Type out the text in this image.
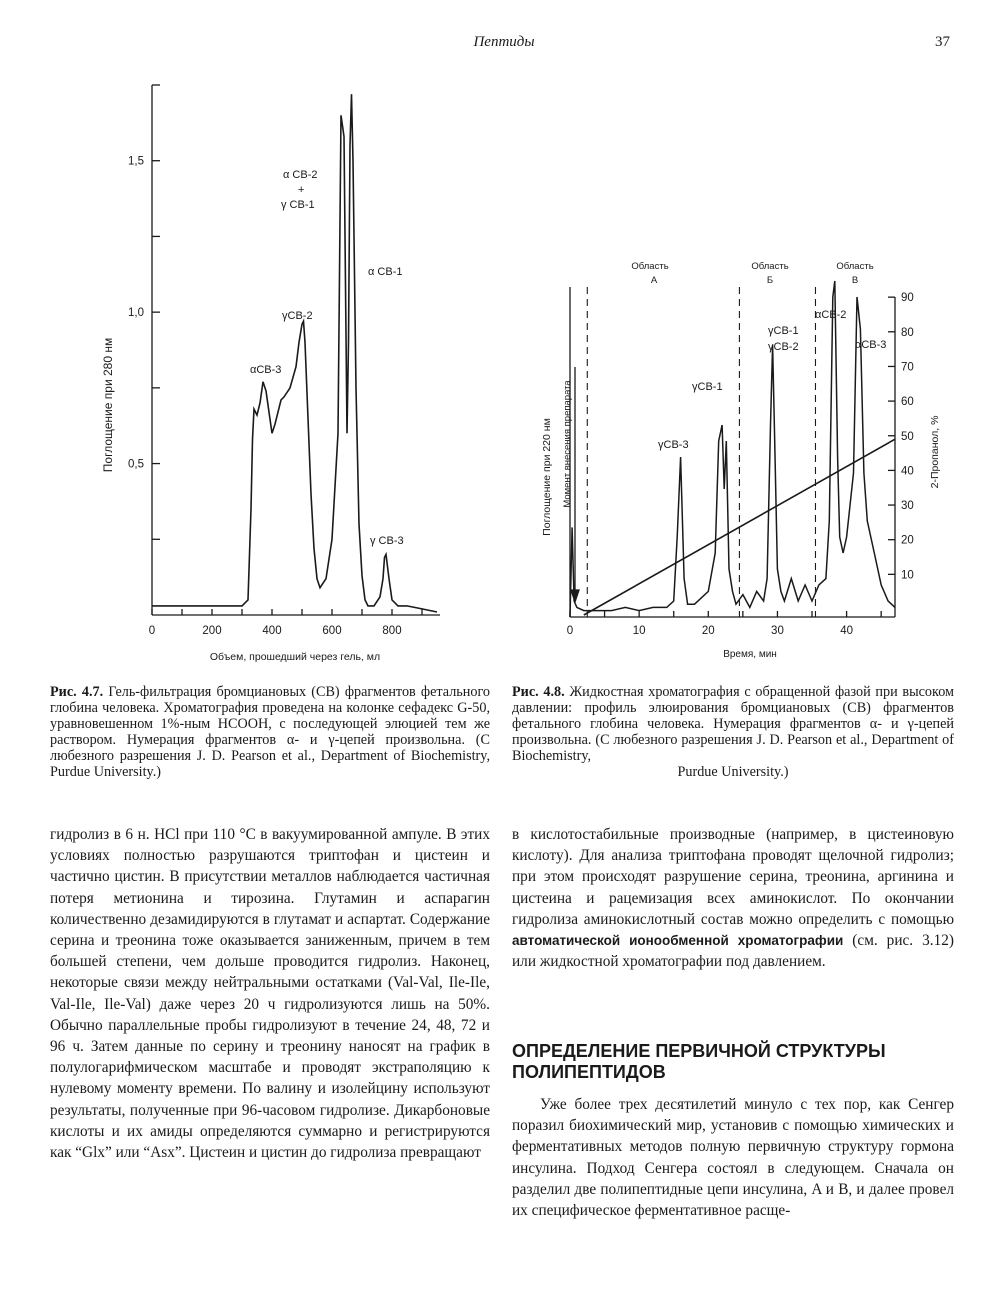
Пептиды	37
Поглощение при 280 нм
Объем, прошедший через гель, мл
αCB-3
γCB-2
α CB-2
+
γ CB-1
α CB-1
γ CB-3
0,5
1,0
1,5
0	200	400	600	800
Рис. 4.7. Гель-фильтрация бромциановых (CB) фрагментов фетального глобина человека. Хроматография проведена на колонке сефадекс G-50, уравновешенном 1%-ным HCOOH, с последующей элюцией тем же раствором. Нумерация фрагментов α- и γ-цепей произвольна. (С любезного разрешения J. D. Pearson et al., Department of Biochemistry, Purdue University.)
Поглощение при 220 нм	2-Пропанол, %
Время, мин
Момент внесения препарата
Область
А
Область
Б
Область
В
γCB-3
γCB-1
γCB-1
γCB-2
αCB-2
αCB-3
0	10	20	30	40
10
20
30
40
50
60
70
80
90
Рис. 4.8. Жидкостная хроматография с обращенной фазой при высоком давлении: профиль элюирования бромциановых (CB) фрагментов фетального глобина человека. Нумерация фрагментов α- и γ-цепей произвольна. (С любезного разрешения J. D. Pearson et al., Department of Biochemistry,
Purdue University.)

гидролиз в 6 н. HCl при 110 °С в вакуумированной ампуле. В этих условиях полностью разрушаются триптофан и цистеин и частично цистин. В присутствии металлов наблюдается частичная потеря метионина и тирозина. Глутамин и аспарагин количественно дезамидируются в глутамат и аспартат. Содержание серина и треонина тоже оказывается заниженным, причем в тем большей степени, чем дольше проводится гидролиз. Наконец, некоторые связи между нейтральными остатками (Val-Val, Ile-Ile, Val-Ile, Ile-Val) даже через 20 ч гидролизуются лишь на 50%. Обычно параллельные пробы гидролизуют в течение 24, 48, 72 и 96 ч. Затем данные по серину и треонину наносят на график в полулогарифмическом масштабе и проводят экстраполяцию к нулевому моменту времени. По валину и изолейцину используют результаты, полученные при 96-часовом гидролизе. Дикарбоновые кислоты и их амиды определяются суммарно и регистрируются как “Glx” или “Asx”. Цистеин и цистин до гидролиза превращают

в кислотостабильные производные (например, в цистеиновую кислоту). Для анализа триптофана проводят щелочной гидролиз; при этом происходят разрушение серина, треонина, аргинина и цистеина и рацемизация всех аминокислот. По окончании гидролиза аминокислотный состав можно определить с помощью автоматической ионообменной хроматографии (см. рис. 3.12) или жидкостной хроматографии под давлением.

ОПРЕДЕЛЕНИЕ ПЕРВИЧНОЙ СТРУКТУРЫ ПОЛИПЕПТИДОВ

Уже более трех десятилетий минуло с тех пор, как Сенгер поразил биохимический мир, установив с помощью химических и ферментативных методов полную первичную структуру гормона инсулина. Подход Сенгера состоял в следующем. Сначала он разделил две полипептидные цепи инсулина, A и B, и далее провел их специфическое ферментативное расще-
